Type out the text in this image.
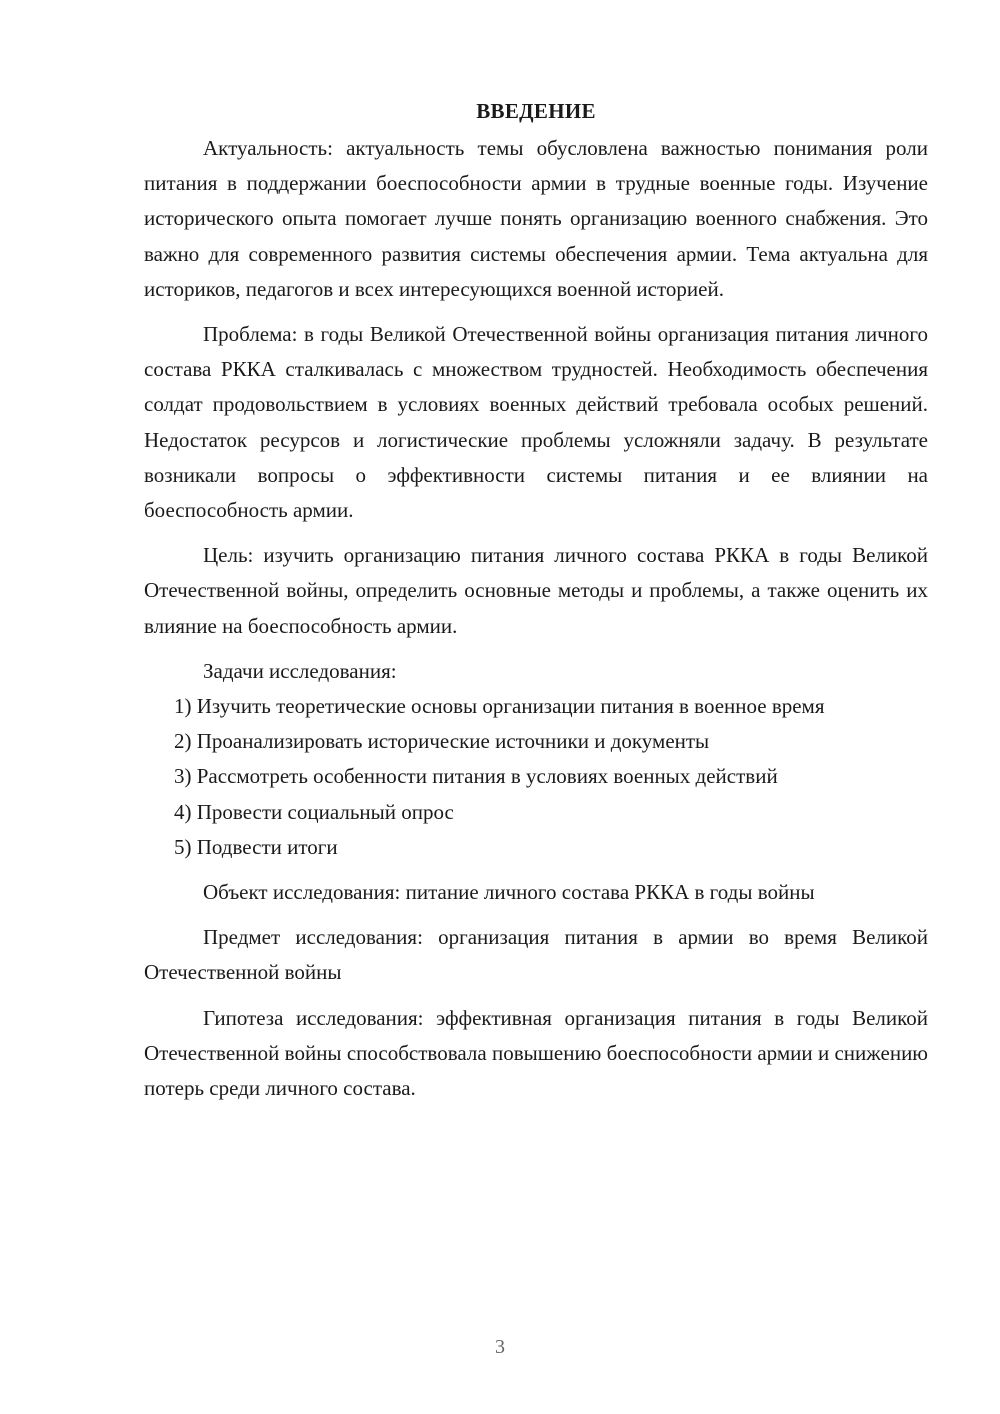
ВВЕДЕНИЕ

Актуальность: актуальность темы обусловлена важностью понимания роли питания в поддержании боеспособности армии в трудные военные годы. Изучение исторического опыта помогает лучше понять организацию военного снабжения. Это важно для современного развития системы обеспечения армии. Тема актуальна для историков, педагогов и всех интересующихся военной историей.

Проблема: в годы Великой Отечественной войны организация питания личного состава РККА сталкивалась с множеством трудностей. Необходимость обеспечения солдат продовольствием в условиях военных действий требовала особых решений. Недостаток ресурсов и логистические проблемы усложняли задачу. В результате возникали вопросы о эффективности системы питания и ее влиянии на боеспособность армии.

Цель: изучить организацию питания личного состава РККА в годы Великой Отечественной войны, определить основные методы и проблемы, а также оценить их влияние на боеспособность армии.

Задачи исследования:

1) Изучить теоретические основы организации питания в военное время

2) Проанализировать исторические источники и документы

3) Рассмотреть особенности питания в условиях военных действий

4) Провести социальный опрос

5) Подвести итоги

Объект исследования: питание личного состава РККА в годы войны

Предмет исследования: организация питания в армии во время Великой Отечественной войны

Гипотеза исследования: эффективная организация питания в годы Великой Отечественной войны способствовала повышению боеспособности армии и снижению потерь среди личного состава.

3
